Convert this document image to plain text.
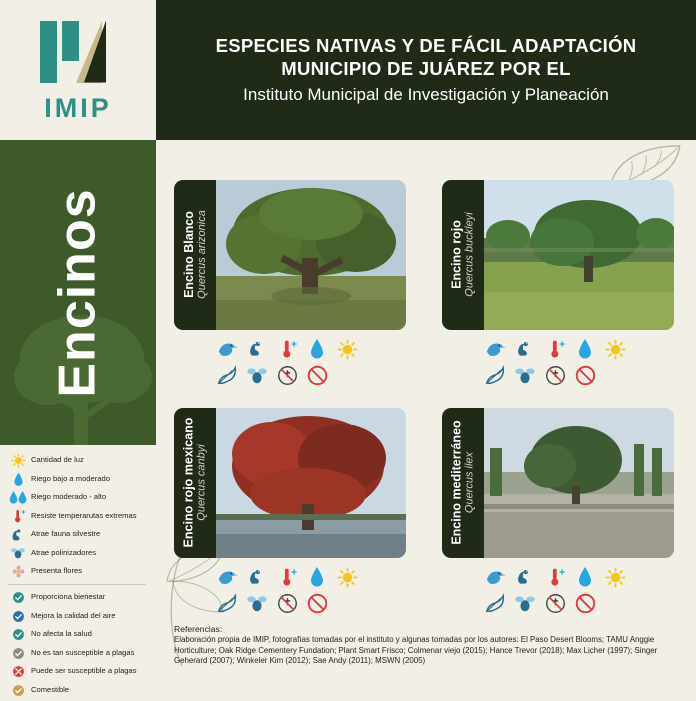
IMIP
ESPECIES NATIVAS Y DE FÁCIL ADAPTACIÓN
MUNICIPIO DE JUÁREZ POR EL
Instituto Municipal de Investigación y Planeación
Encinos
Cantidad de luz
Riego bajo a moderado
Riego moderado - alto
Resiste temperarutas extremas
Atrae fauna silvestre
Atrae polinizadores
Presenta flores
Proporciona bienestar
Mejora la calidad del aire
No afecta la salud
No es tan susceptible a plagas
Puede ser susceptible a plagas
Comestible
Encino Blanco Quercus arizonica	Encino rojo Quercus buckleyi
Encino rojo mexicano Quercus canbyi	Encino mediterráneo Quercus ilex
Referencias:
Elaboración propia de IMIP, fotografías tomadas por el instituto y algunas tomadas por los autores: El Paso Desert Blooms; TAMU Anggie Horticulture; Oak Ridge Cementery Fundation; Plant Smart Frisco; Colmenar viejo (2015); Hance Trevor (2018); Max Licher (1997); Singer Geherard (2007); Winkeler Kim (2012); Sae Andy (2011); MSWN (2005)
